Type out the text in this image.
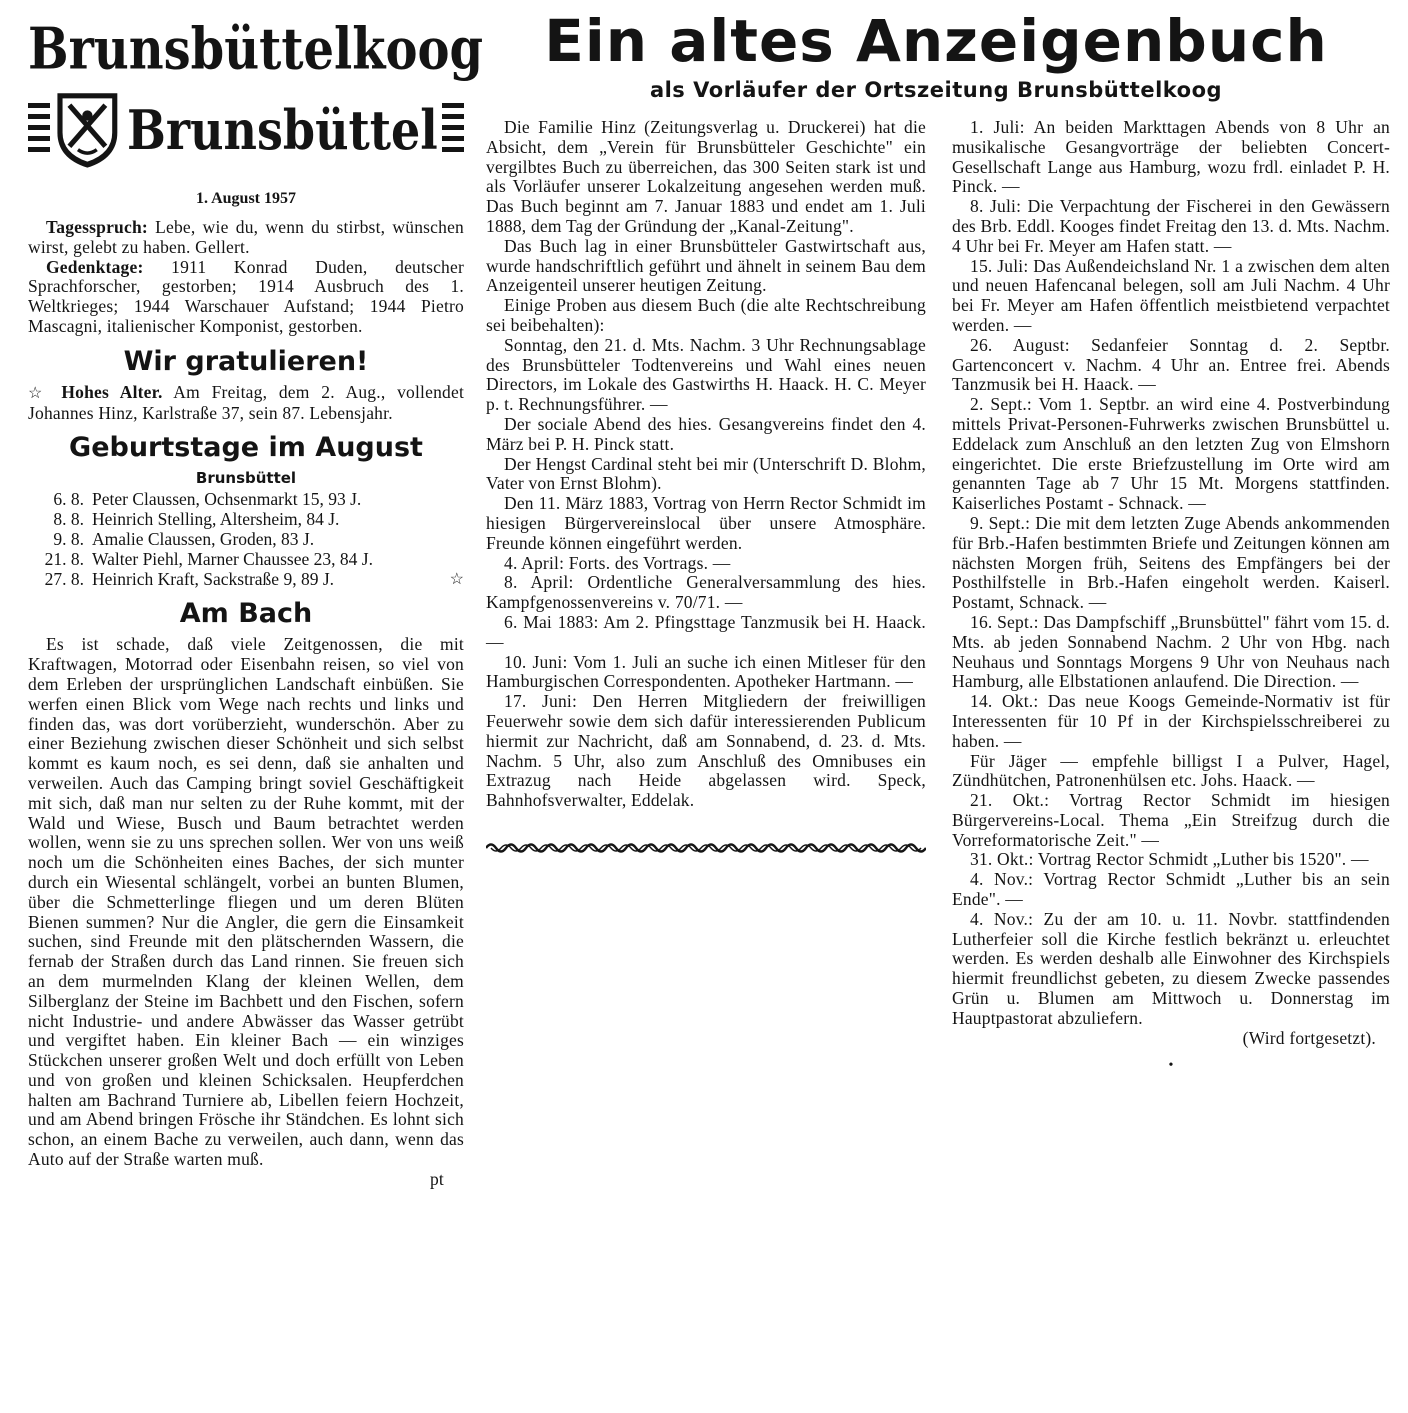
Brunsbüttelkoog
Brunsbüttel
1. August 1957

Tagesspruch: Lebe, wie du, wenn du stirbst, wünschen wirst, gelebt zu haben. Gellert.

Gedenktage: 1911 Konrad Duden, deutscher Sprachforscher, gestorben; 1914 Ausbruch des 1. Weltkrieges; 1944 Warschauer Aufstand; 1944 Pietro Mascagni, italienischer Komponist, gestorben.

Wir gratulieren!

☆ Hohes Alter. Am Freitag, dem 2. Aug., vollendet Johannes Hinz, Karlstraße 37, sein 87. Lebensjahr.

Geburtstage im August
Brunsbüttel
6. 8. Peter Claussen, Ochsenmarkt 15, 93 J.
8. 8. Heinrich Stelling, Altersheim, 84 J.
9. 8. Amalie Claussen, Groden, 83 J.
21. 8. Walter Piehl, Marner Chaussee 23, 84 J.
27. 8. Heinrich Kraft, Sackstraße 9, 89 J.	☆
Am Bach

Es ist schade, daß viele Zeitgenossen, die mit Kraftwagen, Motorrad oder Eisenbahn reisen, so viel von dem Erleben der ursprünglichen Landschaft einbüßen. Sie werfen einen Blick vom Wege nach rechts und links und finden das, was dort vorüberzieht, wunderschön. Aber zu einer Beziehung zwischen dieser Schönheit und sich selbst kommt es kaum noch, es sei denn, daß sie anhalten und verweilen. Auch das Camping bringt soviel Geschäftigkeit mit sich, daß man nur selten zu der Ruhe kommt, mit der Wald und Wiese, Busch und Baum betrachtet werden wollen, wenn sie zu uns sprechen sollen. Wer von uns weiß noch um die Schönheiten eines Baches, der sich munter durch ein Wiesental schlängelt, vorbei an bunten Blumen, über die Schmetterlinge fliegen und um deren Blüten Bienen summen? Nur die Angler, die gern die Einsamkeit suchen, sind Freunde mit den plätschernden Wassern, die fernab der Straßen durch das Land rinnen. Sie freuen sich an dem murmelnden Klang der kleinen Wellen, dem Silberglanz der Steine im Bachbett und den Fischen, sofern nicht Industrie- und andere Abwässer das Wasser getrübt und vergiftet haben. Ein kleiner Bach — ein winziges Stückchen unserer großen Welt und doch erfüllt von Leben und von großen und kleinen Schicksalen. Heupferdchen halten am Bachrand Turniere ab, Libellen feiern Hochzeit, und am Abend bringen Frösche ihr Ständchen. Es lohnt sich schon, an einem Bache zu verweilen, auch dann, wenn das Auto auf der Straße warten muß.

pt

Ein altes Anzeigenbuch
als Vorläufer der Ortszeitung Brunsbüttelkoog

Die Familie Hinz (Zeitungsverlag u. Druckerei) hat die Absicht, dem „Verein für Brunsbütteler Geschichte" ein vergilbtes Buch zu überreichen, das 300 Seiten stark ist und als Vorläufer unserer Lokalzeitung angesehen werden muß. Das Buch beginnt am 7. Januar 1883 und endet am 1. Juli 1888, dem Tag der Gründung der „Kanal-Zeitung".

Das Buch lag in einer Brunsbütteler Gastwirtschaft aus, wurde handschriftlich geführt und ähnelt in seinem Bau dem Anzeigenteil unserer heutigen Zeitung.

Einige Proben aus diesem Buch (die alte Rechtschreibung sei beibehalten):

Sonntag, den 21. d. Mts. Nachm. 3 Uhr Rechnungsablage des Brunsbütteler Todtenvereins und Wahl eines neuen Directors, im Lokale des Gastwirths H. Haack. H. C. Meyer p. t. Rechnungsführer. —

Der sociale Abend des hies. Gesangvereins findet den 4. März bei P. H. Pinck statt.

Der Hengst Cardinal steht bei mir (Unterschrift D. Blohm, Vater von Ernst Blohm).

Den 11. März 1883, Vortrag von Herrn Rector Schmidt im hiesigen Bürgervereinslocal über unsere Atmosphäre. Freunde können eingeführt werden.

4. April: Forts. des Vortrags. —

8. April: Ordentliche Generalversammlung des hies. Kampfgenossenvereins v. 70/71. —

6. Mai 1883: Am 2. Pfingsttage Tanzmusik bei H. Haack. —

10. Juni: Vom 1. Juli an suche ich einen Mitleser für den Hamburgischen Correspondenten. Apotheker Hartmann. —

17. Juni: Den Herren Mitgliedern der freiwilligen Feuerwehr sowie dem sich dafür interessierenden Publicum hiermit zur Nachricht, daß am Sonnabend, d. 23. d. Mts. Nachm. 5 Uhr, also zum Anschluß des Omnibuses ein Extrazug nach Heide abgelassen wird. Speck, Bahnhofsverwalter, Eddelak.

1. Juli: An beiden Markttagen Abends von 8 Uhr an musikalische Gesangvorträge der beliebten Concert-Gesellschaft Lange aus Hamburg, wozu frdl. einladet P. H. Pinck. —

8. Juli: Die Verpachtung der Fischerei in den Gewässern des Brb. Eddl. Kooges findet Freitag den 13. d. Mts. Nachm. 4 Uhr bei Fr. Meyer am Hafen statt. —

15. Juli: Das Außendeichsland Nr. 1 a zwischen dem alten und neuen Hafencanal belegen, soll am Juli Nachm. 4 Uhr bei Fr. Meyer am Hafen öffentlich meistbietend verpachtet werden. —

26. August: Sedanfeier Sonntag d. 2. Septbr. Gartenconcert v. Nachm. 4 Uhr an. Entree frei. Abends Tanzmusik bei H. Haack. —

2. Sept.: Vom 1. Septbr. an wird eine 4. Postverbindung mittels Privat-Personen-Fuhrwerks zwischen Brunsbüttel u. Eddelack zum Anschluß an den letzten Zug von Elmshorn eingerichtet. Die erste Briefzustellung im Orte wird am genannten Tage ab 7 Uhr 15 Mt. Morgens stattfinden. Kaiserliches Postamt - Schnack. —

9. Sept.: Die mit dem letzten Zuge Abends ankommenden für Brb.-Hafen bestimmten Briefe und Zeitungen können am nächsten Morgen früh, Seitens des Empfängers bei der Posthilfstelle in Brb.-Hafen eingeholt werden. Kaiserl. Postamt, Schnack. —

16. Sept.: Das Dampfschiff „Brunsbüttel" fährt vom 15. d. Mts. ab jeden Sonnabend Nachm. 2 Uhr von Hbg. nach Neuhaus und Sonntags Morgens 9 Uhr von Neuhaus nach Hamburg, alle Elbstationen anlaufend. Die Direction. —

14. Okt.: Das neue Koogs Gemeinde-Normativ ist für Interessenten für 10 Pf in der Kirchspielsschreiberei zu haben. —

Für Jäger — empfehle billigst I a Pulver, Hagel, Zündhütchen, Patronenhülsen etc. Johs. Haack. —

21. Okt.: Vortrag Rector Schmidt im hiesigen Bürgervereins-Local. Thema „Ein Streifzug durch die Vorreformatorische Zeit." —

31. Okt.: Vortrag Rector Schmidt „Luther bis 1520". —

4. Nov.: Vortrag Rector Schmidt „Luther bis an sein Ende". —

4. Nov.: Zu der am 10. u. 11. Novbr. stattfindenden Lutherfeier soll die Kirche festlich bekränzt u. erleuchtet werden. Es werden deshalb alle Einwohner des Kirchspiels hiermit freundlichst gebeten, zu diesem Zwecke passendes Grün u. Blumen am Mittwoch u. Donnerstag im Hauptpastorat abzuliefern.

(Wird fortgesetzt).

•
